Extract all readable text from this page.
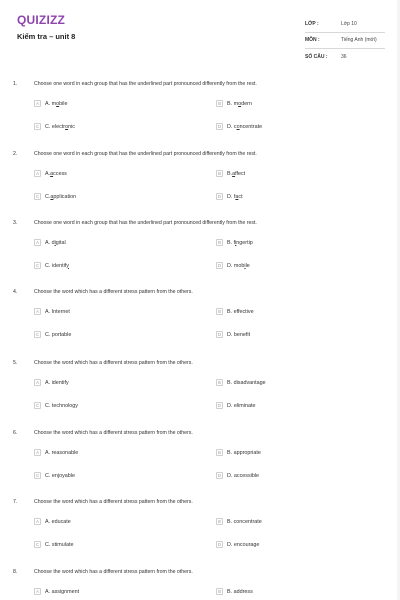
QUIZIZZ
Kiểm tra – unit 8
LỚP :	Lớp 10
MÔN :	Tiếng Anh (mới)
SỐ CÂU :	36
1.	Choose one word in each group that has the underlined part pronounced differently from the rest.
A	A. m o bile	B	B. m o dern
C	C. electr o nic	D	D. c o ncentrate
2.	Choose one word in each group that has the underlined part pronounced differently from the rest.
A	A. a ccess	B	B. a ffect
C	C. a pplication	D	D. f a ct
3.	Choose one word in each group that has the underlined part pronounced differently from the rest.
A	A. d i gital	B	B. f i ngertip
C	C. identif y	D	D. mob i le
4.	Choose the word which has a different stress pattern from the others.
A	A. Internet	B	B. effective
C	C. portable	D	D. benefit
5.	Choose the word which has a different stress pattern from the others.
A	A. identify	B	B. disadvantage
C	C. technology	D	D. eliminate
6.	Choose the word which has a different stress pattern from the others.
A	A. reasonable	B	B. appropriate
C	C. enjoyable	D	D. accessible
7.	Choose the word which has a different stress pattern from the others.
A	A. educate	B	B. concentrate
C	C. stimulate	D	D. encourage
8.	Choose the word which has a different stress pattern from the others.
A	A. assignment	B	B. address
